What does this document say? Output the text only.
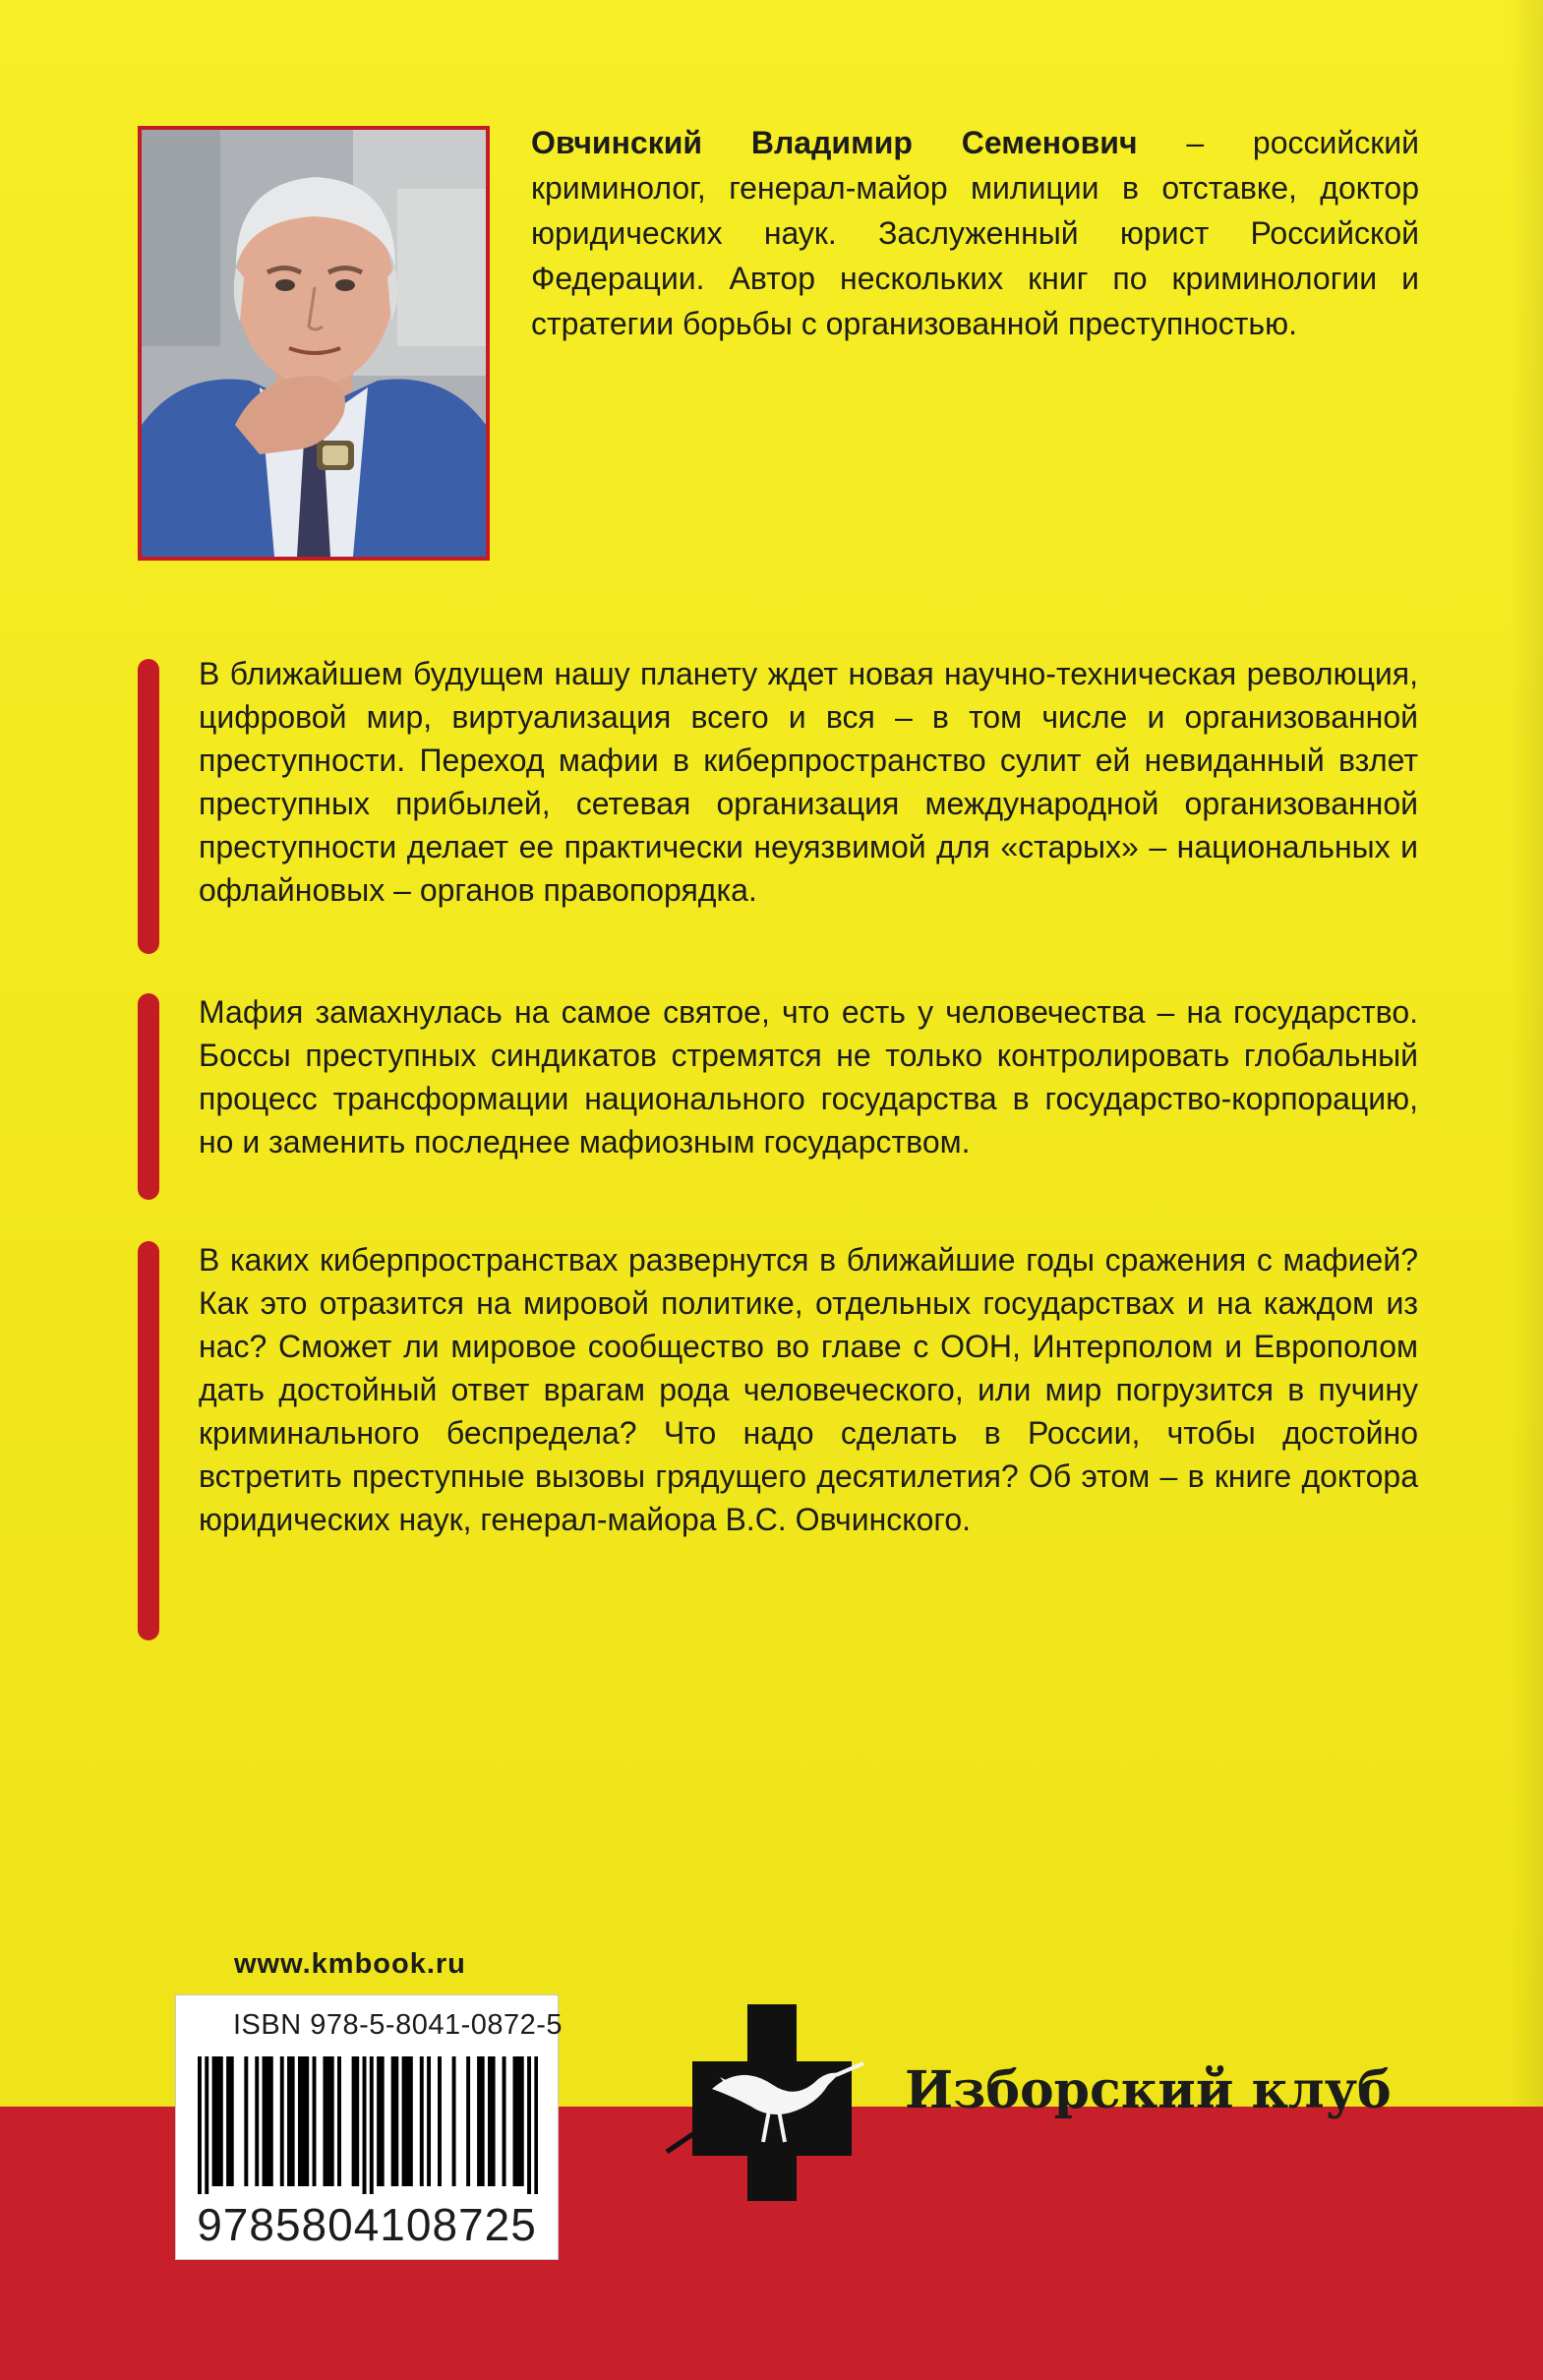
Овчинский Владимир Семенович – российский криминолог, генерал-майор милиции в отставке, доктор юридических наук. Заслуженный юрист Российской Федерации. Автор нескольких книг по криминологии и стратегии борьбы с организованной преступностью.

В ближайшем будущем нашу планету ждет новая научно-техническая революция, цифровой мир, виртуализация всего и вся – в том числе и организованной преступности. Переход мафии в киберпространство сулит ей невиданный взлет преступных прибылей, сетевая организация международной организованной преступности делает ее практически неуязвимой для «старых» – национальных и офлайновых – органов правопорядка.

Мафия замахнулась на самое святое, что есть у человечества – на государство. Боссы преступных синдикатов стремятся не только контролировать глобальный процесс трансформации национального государства в государство-корпорацию, но и заменить последнее мафиозным государством.

В каких киберпространствах развернутся в ближайшие годы сражения с мафией? Как это отразится на мировой политике, отдельных государствах и на каждом из нас? Сможет ли мировое сообщество во главе с ООН, Интерполом и Европолом дать достойный ответ врагам рода человеческого, или мир погрузится в пучину криминального беспредела? Что надо сделать в России, чтобы достойно встретить преступные вызовы грядущего десятилетия? Об этом – в книге доктора юридических наук, генерал-майора В.С. Овчинского.

www.kmbook.ru
ISBN 978-5-8041-0872-5
9785804108725
Изборский клуб
